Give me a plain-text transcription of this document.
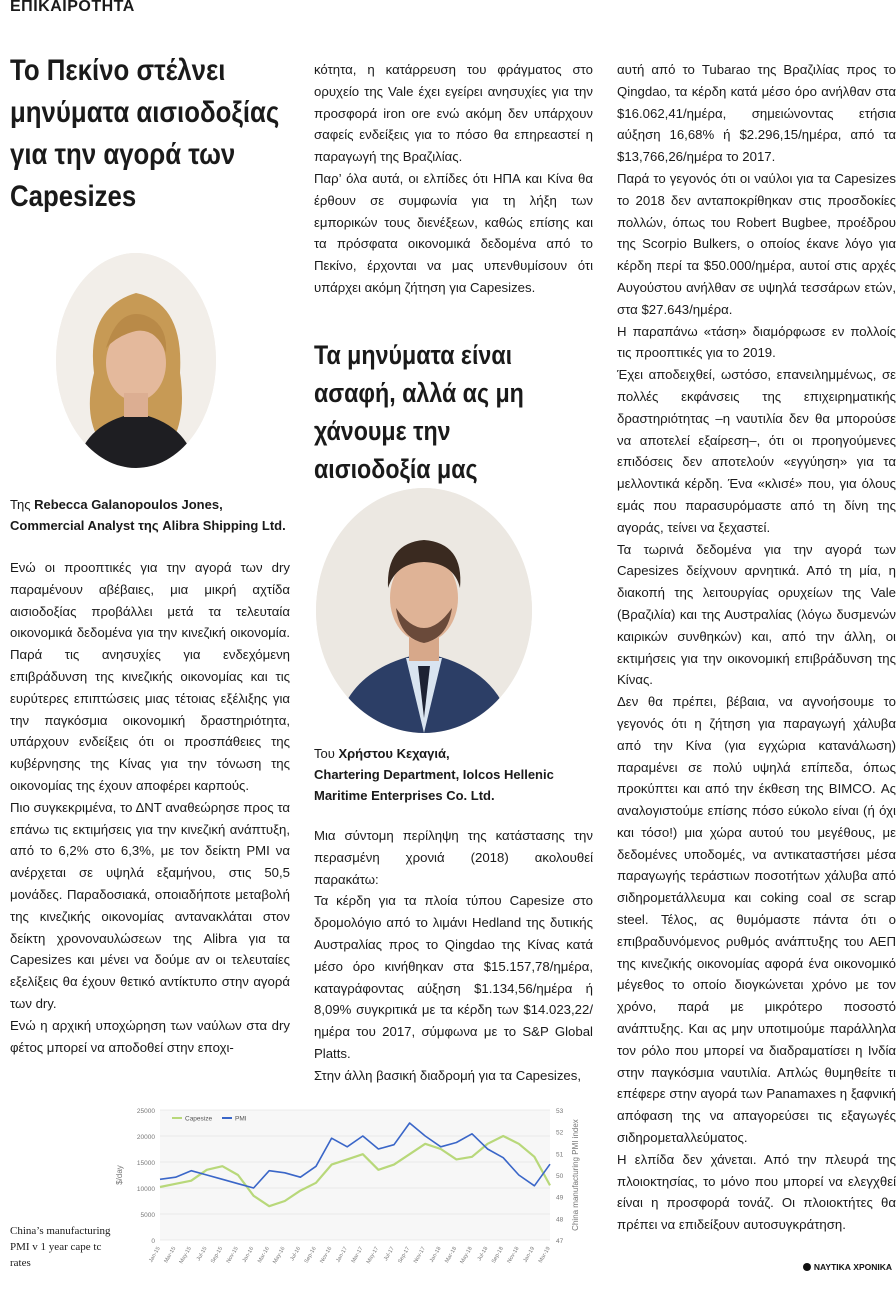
ΕΠΙΚΑΙΡΟΤΗΤΑ
Το Πεκίνο στέλνει μηνύματα αισιοδοξίας για την αγορά των Capesizes
Της Rebecca Galanopoulos Jones,
Commercial Analyst της Alibra Shipping Ltd.

Ενώ οι προοπτικές για την αγορά των dry παραμένουν αβέβαιες, μια μικρή αχτίδα αισιοδοξίας προβάλλει μετά τα τελευταία οικονομικά δεδομένα για την κινεζική οικονομία. Παρά τις ανησυχίες για ενδεχόμενη επιβράδυνση της κινεζικής οικονομίας και τις ευρύτερες επιπτώσεις μιας τέτοιας εξέλιξης για την παγκόσμια οικονομική δραστηριότητα, υπάρχουν ενδείξεις ότι οι προσπάθειες της κυβέρνησης της Κίνας για την τόνωση της οικονομίας της έχουν αποφέρει καρπούς.

Πιο συγκεκριμένα, το ΔΝΤ αναθεώρησε προς τα επάνω τις εκτιμήσεις για την κινεζική ανάπτυξη, από το 6,2% στο 6,3%, με τον δείκτη PMI να ανέρχεται σε υψηλά εξαμήνου, στις 50,5 μονάδες. Παραδοσιακά, οποιαδήποτε μεταβολή της κινεζικής οικονομίας αντανακλάται στον δείκτη χρονοναυλώσεων της Alibra για τα Capesizes και μένει να δούμε αν οι τελευταίες εξελίξεις θα έχουν θετικό αντίκτυπο στην αγορά των dry.

Ενώ η αρχική υποχώρηση των ναύλων στα dry φέτος μπορεί να αποδοθεί στην εποχι-

κότητα, η κατάρρευση του φράγματος στο ορυχείο της Vale έχει εγείρει ανησυχίες για την προσφορά iron ore ενώ ακόμη δεν υπάρχουν σαφείς ενδείξεις για το πόσο θα επηρεαστεί η παραγωγή της Βραζιλίας.

Παρ’ όλα αυτά, οι ελπίδες ότι ΗΠΑ και Κίνα θα έρθουν σε συμφωνία για τη λήξη των εμπορικών τους διενέξεων, καθώς επίσης και τα πρόσφατα οικονομικά δεδομένα από το Πεκίνο, έρχονται να μας υπενθυμίσουν ότι υπάρχει ακόμη ζήτηση για Capesizes.

Τα μηνύματα είναι ασαφή, αλλά ας μη χάνουμε την αισιοδοξία μας
Του Χρήστου Κεχαγιά,
Chartering Department, Iolcos Hellenic Maritime Enterprises Co. Ltd.

Μια σύντομη περίληψη της κατάστασης την περασμένη χρονιά (2018) ακολουθεί παρακάτω:

Τα κέρδη για τα πλοία τύπου Capesize στο δρομολόγιο από το λιμάνι Hedland της δυτικής Αυστραλίας προς το Qingdao της Κίνας κατά μέσο όρο κινήθηκαν στα $15.157,78/ημέρα, καταγράφοντας αύξηση $1.134,56/ημέρα ή 8,09% συγκριτικά με τα κέρδη των $14.023,22/ημέρα του 2017, σύμφωνα με το S&P Global Platts.

Στην άλλη βασική διαδρομή για τα Capesizes,

αυτή από το Tubarao της Βραζιλίας προς το Qingdao, τα κέρδη κατά μέσο όρο ανήλθαν στα $16.062,41/ημέρα, σημειώνοντας ετήσια αύξηση 16,68% ή $2.296,15/ημέρα, από τα $13,766,26/ημέρα το 2017.

Παρά το γεγονός ότι οι ναύλοι για τα Capesizes το 2018 δεν ανταποκρίθηκαν στις προσδοκίες πολλών, όπως του Robert Bugbee, προέδρου της Scorpio Bulkers, ο οποίος έκανε λόγο για κέρδη περί τα $50.000/ημέρα, αυτοί στις αρχές Αυγούστου ανήλθαν σε υψηλά τεσσάρων ετών, στα $27.643/ημέρα.

Η παραπάνω «τάση» διαμόρφωσε εν πολλοίς τις προοπτικές για το 2019.

Έχει αποδειχθεί, ωστόσο, επανειλημμένως, σε πολλές εκφάνσεις της επιχειρηματικής δραστηριότητας –η ναυτιλία δεν θα μπορούσε να αποτελεί εξαίρεση–, ότι οι προηγούμενες επιδόσεις δεν αποτελούν «εγγύηση» για τα μελλοντικά κέρδη. Ένα «κλισέ» που, για όλους εμάς που παρασυρόμαστε από τη δίνη της αγοράς, τείνει να ξεχαστεί.

Τα τωρινά δεδομένα για την αγορά των Capesizes δείχνουν αρνητικά. Από τη μία, η διακοπή της λειτουργίας ορυχείων της Vale (Βραζιλία) και της Αυστραλίας (λόγω δυσμενών καιρικών συνθηκών) και, από την άλλη, οι εκτιμήσεις για την οικονομική επιβράδυνση της Κίνας.

Δεν θα πρέπει, βέβαια, να αγνοήσουμε το γεγονός ότι η ζήτηση για παραγωγή χάλυβα από την Κίνα (για εγχώρια κατανάλωση) παραμένει σε πολύ υψηλά επίπεδα, όπως προκύπτει και από την έκθεση της BIMCO. Ας αναλογιστούμε επίσης πόσο εύκολο είναι (ή όχι και τόσο!) μια χώρα αυτού του μεγέθους, με δεδομένες υποδομές, να αντικαταστήσει μέσα παραγωγής τεράστιων ποσοτήτων χάλυβα από σιδηρομετάλλευμα και coking coal σε scrap steel. Τέλος, ας θυμόμαστε πάντα ότι ο επιβραδυνόμενος ρυθμός ανάπτυξης του ΑΕΠ της κινεζικής οικονομίας αφορά ένα οικονομικό μέγεθος το οποίο διογκώνεται χρόνο με τον χρόνο, παρά με μικρότερο ποσοστό ανάπτυξης. Και ας μην υποτιμούμε παράλληλα τον ρόλο που μπορεί να διαδραματίσει η Ινδία στην παγκόσμια ναυτιλία. Απλώς θυμηθείτε τι επέφερε στην αγορά των Panamaxes η ξαφνική απόφαση της να απαγορεύσει τις εξαγωγές σιδηρομεταλλεύματος.

Η ελπίδα δεν χάνεται. Από την πλευρά της πλοιοκτησίας, το μόνο που μπορεί να ελεγχθεί είναι η προσφορά τονάζ. Οι πλοιοκτήτες θα πρέπει να επιδείξουν αυτοσυγκράτηση.

0
5000
10000
15000
20000
25000
47
48
49
50
51
52
53
Jan-15 Mar-15 May-15 Jul-15 Sep-15 Nov-15 Jan-16 Mar-16 May-16 Jul-16 Sep-16 Nov-16 Jan-17 Mar-17 May-17 Jul-17 Sep-17 Nov-17 Jan-18 Mar-18 May-18 Jul-18 Sep-18 Nov-18 Jan-19 Mar-19
Capesize	PMI
$/day	China manufacturing PMI index
China’s manufacturing PMI v 1 year cape tc rates	ΝΑΥΤΙΚΑ ΧΡΟΝΙΚΑ
